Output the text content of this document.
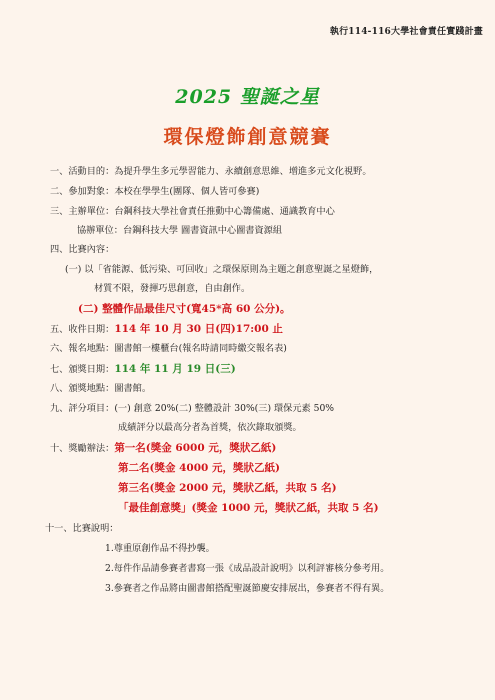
執行114-116大學社會責任實踐計畫
2025 聖誕之星
環保燈飾創意競賽
一、活動目的：為提升學生多元學習能力、永續創意思維、增進多元文化視野。
二、參加對象：本校在學學生(團隊、個人皆可參賽)
三、主辦單位：台鋼科技大學社會責任推動中心籌備處、通識教育中心
協辦單位：台鋼科技大學 圖書資訊中心圖書資源組
四、比賽內容：
(一) 以「省能源、低污染、可回收」之環保原則為主題之創意聖誕之星燈飾，
材質不限，發揮巧思創意，自由創作。
(二) 整體作品最佳尺寸(寬45*高 60 公分)。
五、收件日期：114 年 10 月 30 日(四)17:00 止
六、報名地點：圖書館一樓櫃台(報名時請同時繳交報名表)
七、頒獎日期：114 年 11 月 19 日(三)
八、頒獎地點：圖書館。
九、評分項目：(一) 創意 20%(二) 整體設計 30%(三) 環保元素 50%
成績評分以最高分者為首獎，依次錄取頒獎。
十、獎勵辦法：第一名(獎金 6000 元，獎狀乙紙)
第二名(獎金 4000 元，獎狀乙紙)
第三名(獎金 2000 元，獎狀乙紙，共取 5 名)
「最佳創意獎」(獎金 1000 元，獎狀乙紙，共取 5 名)
十一、比賽說明：
1.尊重原創作品不得抄襲。
2.每件作品請參賽者書寫一張《成品設計說明》以利評審核分參考用。
3.參賽者之作品將由圖書館搭配聖誕節慶安排展出，參賽者不得有異。
